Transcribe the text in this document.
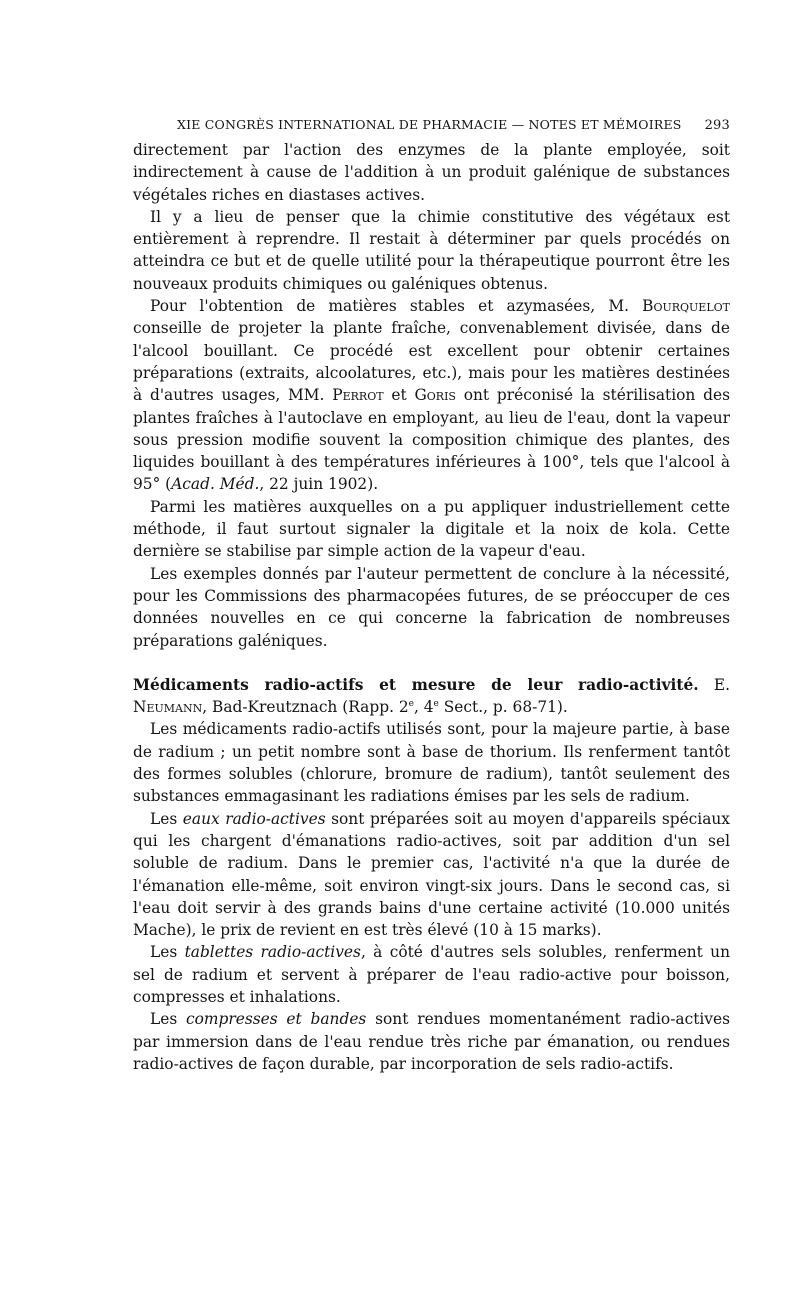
XIE CONGRÈS INTERNATIONAL DE PHARMACIE — NOTES ET MÉMOIRES 293

directement par l'action des enzymes de la plante employée, soit indirectement à cause de l'addition à un produit galénique de substances végétales riches en diastases actives.

Il y a lieu de penser que la chimie constitutive des végétaux est entièrement à reprendre. Il restait à déterminer par quels procédés on atteindra ce but et de quelle utilité pour la thérapeutique pourront être les nouveaux produits chimiques ou galéniques obtenus.

Pour l'obtention de matières stables et azymasées, M. Bourquelot conseille de projeter la plante fraîche, convenablement divisée, dans de l'alcool bouillant. Ce procédé est excellent pour obtenir certaines préparations (extraits, alcoolatures, etc.), mais pour les matières destinées à d'autres usages, MM. Perrot et Goris ont préconisé la stérilisation des plantes fraîches à l'autoclave en employant, au lieu de l'eau, dont la vapeur sous pression modifie souvent la composition chimique des plantes, des liquides bouillant à des températures inférieures à 100°, tels que l'alcool à 95° (Acad. Méd., 22 juin 1902).

Parmi les matières auxquelles on a pu appliquer industriellement cette méthode, il faut surtout signaler la digitale et la noix de kola. Cette dernière se stabilise par simple action de la vapeur d'eau.

Les exemples donnés par l'auteur permettent de conclure à la nécessité, pour les Commissions des pharmacopées futures, de se préoccuper de ces données nouvelles en ce qui concerne la fabrication de nombreuses préparations galéniques.

Médicaments radio-actifs et mesure de leur radio-activité. E. Neumann, Bad-Kreutznach (Rapp. 2e, 4e Sect., p. 68-71).

Les médicaments radio-actifs utilisés sont, pour la majeure partie, à base de radium ; un petit nombre sont à base de thorium. Ils renferment tantôt des formes solubles (chlorure, bromure de radium), tantôt seulement des substances emmagasinant les radiations émises par les sels de radium.

Les eaux radio-actives sont préparées soit au moyen d'appareils spéciaux qui les chargent d'émanations radio-actives, soit par addition d'un sel soluble de radium. Dans le premier cas, l'activité n'a que la durée de l'émanation elle-même, soit environ vingt-six jours. Dans le second cas, si l'eau doit servir à des grands bains d'une certaine activité (10.000 unités Mache), le prix de revient en est très élevé (10 à 15 marks).

Les tablettes radio-actives, à côté d'autres sels solubles, renferment un sel de radium et servent à préparer de l'eau radio-active pour boisson, compresses et inhalations.

Les compresses et bandes sont rendues momentanément radio-actives par immersion dans de l'eau rendue très riche par émanation, ou rendues radio-actives de façon durable, par incorporation de sels radio-actifs.
